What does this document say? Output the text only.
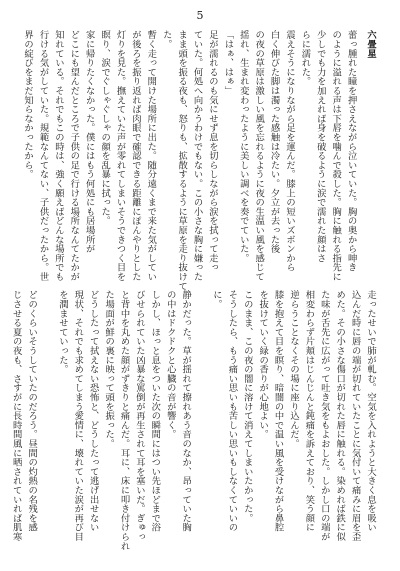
5
六畳星
蕾っ腫れた瞳を押さえながら泣いていた。胸の奥から呻き
のように溢れる声は下唇を噛んで殺した。胸に触れる指先に
少しでも力を加えれば身を破るように涙で濡れた顔はさ
らに濡れた。
震えそうになりながら足を運んだ。膝上の短いズボンから
白く伸びた脚は濁った感触は冷たい。夕立が去った後
の夜の草原は激しい風を忘れるように夜の生温い風を感じて
揺れ、生まれ変わったように美しい調べを奏でていた。
「はぁ、はぁ」
足が濡れるのも気にせず息を切らしながら涙を拭って走っ
ていた。何処へ向かうわけでもない。この小さな胸に嫌った
まま頭を振る夜も、怒りも、拡散するように草原を走り抜けて
た。
暫く走って開けた場所に出た。随分遠くまで来た気がしてい
が後ろを振り返れば肉眼で確認できる距離にぽんやりとした
灯りを見た。撫えていた声が零れてしまいそうできつく目を
瞑り、涙でぐしゃぐしゃの顔を乱暴に拭った。
家に帰りたくなかった。僕にはもう何処にも居場所が
どこにも望んだところで子供の足で行ける場所なんてたかが
知れている。それでもこの時は、強く願えばどんな場所でも
行ける気がしていた。規範なんてない、子供だったから。世
界の綻びをまだ知らなかったから。
走ったせいで肺が軋む。空気を入れようと大きく息を吸い
込んだ時に唇の端が切れていたことに気付いて痛みに眉を歪
めた。その小さな傷口が切れた唇に触れる。染めれば鉄に似
た味が舌先に広がって吐き気をもよおした。しかし口の端が
相変わらず片頬はじんじんと鈍痛を訴えており、笑う顔に
逆らうことなくその場に座り込んだ。
膝を抱えて目を瞑り、暗闇の中で温い風を受けながら鼻腔
を抜けていく緑の香りが心地よい。
このまま、この夜の闇に溶けて消えてしまいたかった。
そうしたら、もう痛い思いも苦しい思いもしなくていいの
に。
静かだった。草が揺れて擦れあう音のなか、昂っていた胸
の中はドクドクと心臓の音が響く。
しかし、ほっと息をついた次の瞬間にはつい先ほどまで浴
びせられていた凶暴な罵倒が再生されて耳を塞いだ。ぎゅっ
と背中を丸めた顔がずきりと痛んだ。耳に、床に叩き付けられ
た場面が鮮の裏に映って頭を振った。
どうしたって拭えない恐怖と、どうしたって逃げ出せない
現状、それでも求めてしまう愛情に、壊れていた涙が再び目
を潤ませていった。
どのくらいそうしていたのだろう。昼間の灼熱の名残を感
じさせる夏の夜も、さすがに長時間風に晒されていれば肌寒
